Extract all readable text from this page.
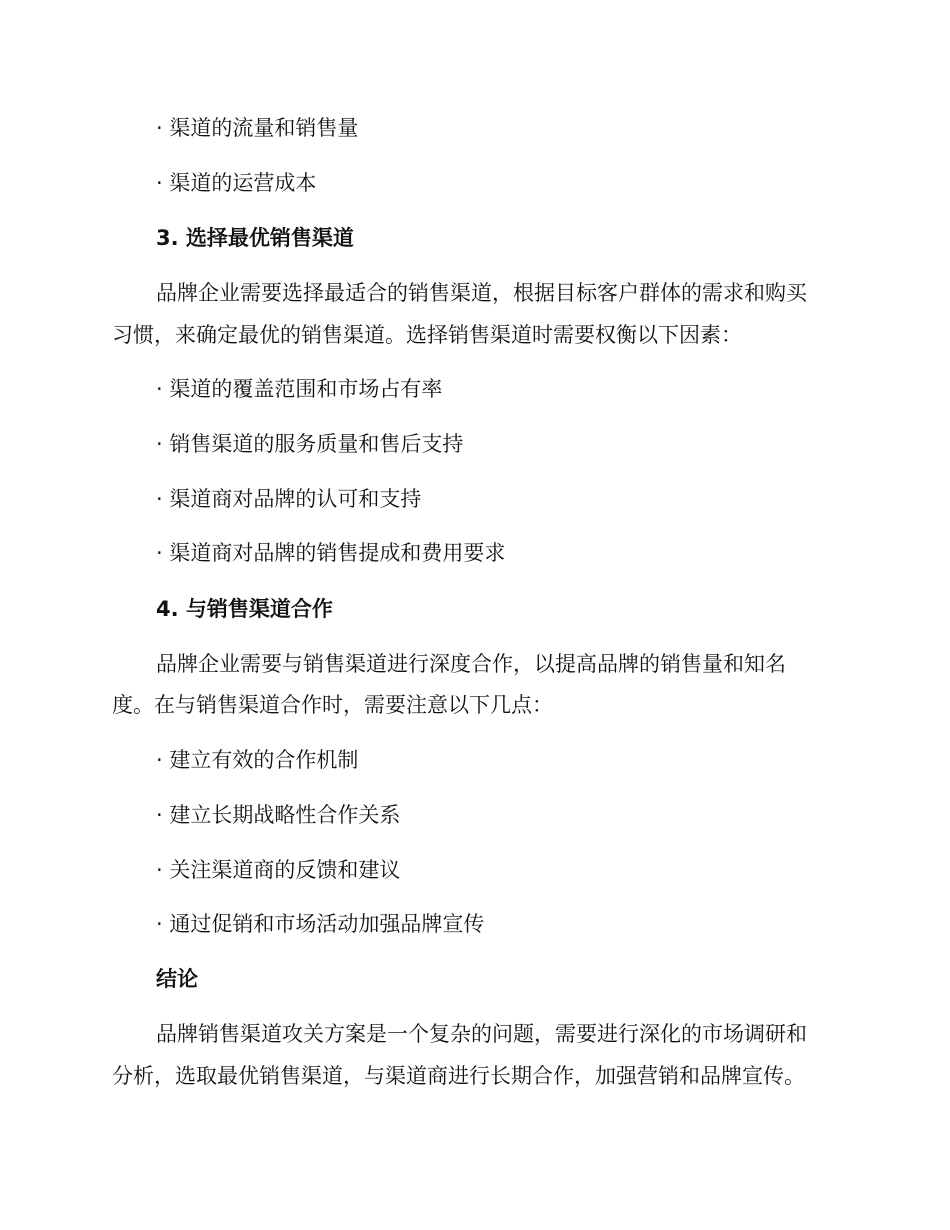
· 渠道的流量和销售量

· 渠道的运营成本

3. 选择最优销售渠道

品牌企业需要选择最适合的销售渠道，根据目标客户群体的需求和购买

习惯，来确定最优的销售渠道。选择销售渠道时需要权衡以下因素：

· 渠道的覆盖范围和市场占有率

· 销售渠道的服务质量和售后支持

· 渠道商对品牌的认可和支持

· 渠道商对品牌的销售提成和费用要求

4. 与销售渠道合作

品牌企业需要与销售渠道进行深度合作，以提高品牌的销售量和知名

度。在与销售渠道合作时，需要注意以下几点：

· 建立有效的合作机制

· 建立长期战略性合作关系

· 关注渠道商的反馈和建议

· 通过促销和市场活动加强品牌宣传

结论

品牌销售渠道攻关方案是一个复杂的问题，需要进行深化的市场调研和

分析，选取最优销售渠道，与渠道商进行长期合作，加强营销和品牌宣传。
